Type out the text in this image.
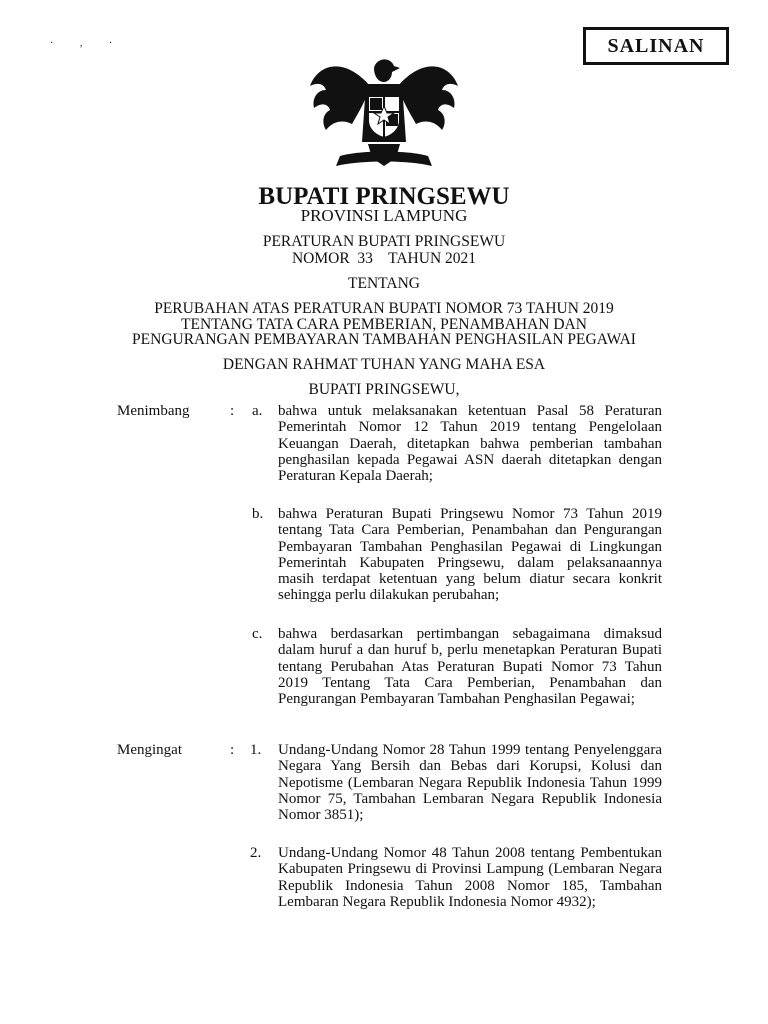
SALINAN
· , ·
BUPATI PRINGSEWU
PROVINSI LAMPUNG
PERATURAN BUPATI PRINGSEWU
NOMOR  33    TAHUN 2021
TENTANG
PERUBAHAN ATAS PERATURAN BUPATI NOMOR 73 TAHUN 2019
TENTANG TATA CARA PEMBERIAN, PENAMBAHAN DAN
PENGURANGAN PEMBAYARAN TAMBAHAN PENGHASILAN PEGAWAI
DENGAN RAHMAT TUHAN YANG MAHA ESA
BUPATI PRINGSEWU,
Menimbang	: a. bahwa untuk melaksanakan ketentuan Pasal 58 Peraturan Pemerintah Nomor 12 Tahun 2019 tentang Pengelolaan Keuangan Daerah, ditetapkan bahwa pemberian tambahan penghasilan kepada Pegawai ASN daerah ditetapkan dengan Peraturan Kepala Daerah;
b. bahwa Peraturan Bupati Pringsewu Nomor 73 Tahun 2019 tentang Tata Cara Pemberian, Penambahan dan Pengurangan Pembayaran Tambahan Penghasilan Pegawai di Lingkungan Pemerintah Kabupaten Pringsewu, dalam pelaksanaannya masih terdapat ketentuan yang belum diatur secara konkrit sehingga perlu dilakukan perubahan;
c. bahwa berdasarkan pertimbangan sebagaimana dimaksud dalam huruf a dan huruf b, perlu menetapkan Peraturan Bupati tentang Perubahan Atas Peraturan Bupati Nomor 73 Tahun 2019 Tentang Tata Cara Pemberian, Penambahan dan Pengurangan Pembayaran Tambahan Penghasilan Pegawai;
Mengingat	: 1. Undang-Undang Nomor 28 Tahun 1999 tentang Penyelenggara Negara Yang Bersih dan Bebas dari Korupsi, Kolusi dan Nepotisme (Lembaran Negara Republik Indonesia Tahun 1999 Nomor 75, Tambahan Lembaran Negara Republik Indonesia Nomor 3851);
2. Undang-Undang Nomor 48 Tahun 2008 tentang Pembentukan Kabupaten Pringsewu di Provinsi Lampung (Lembaran Negara Republik Indonesia Tahun 2008 Nomor 185, Tambahan Lembaran Negara Republik Indonesia Nomor 4932);
